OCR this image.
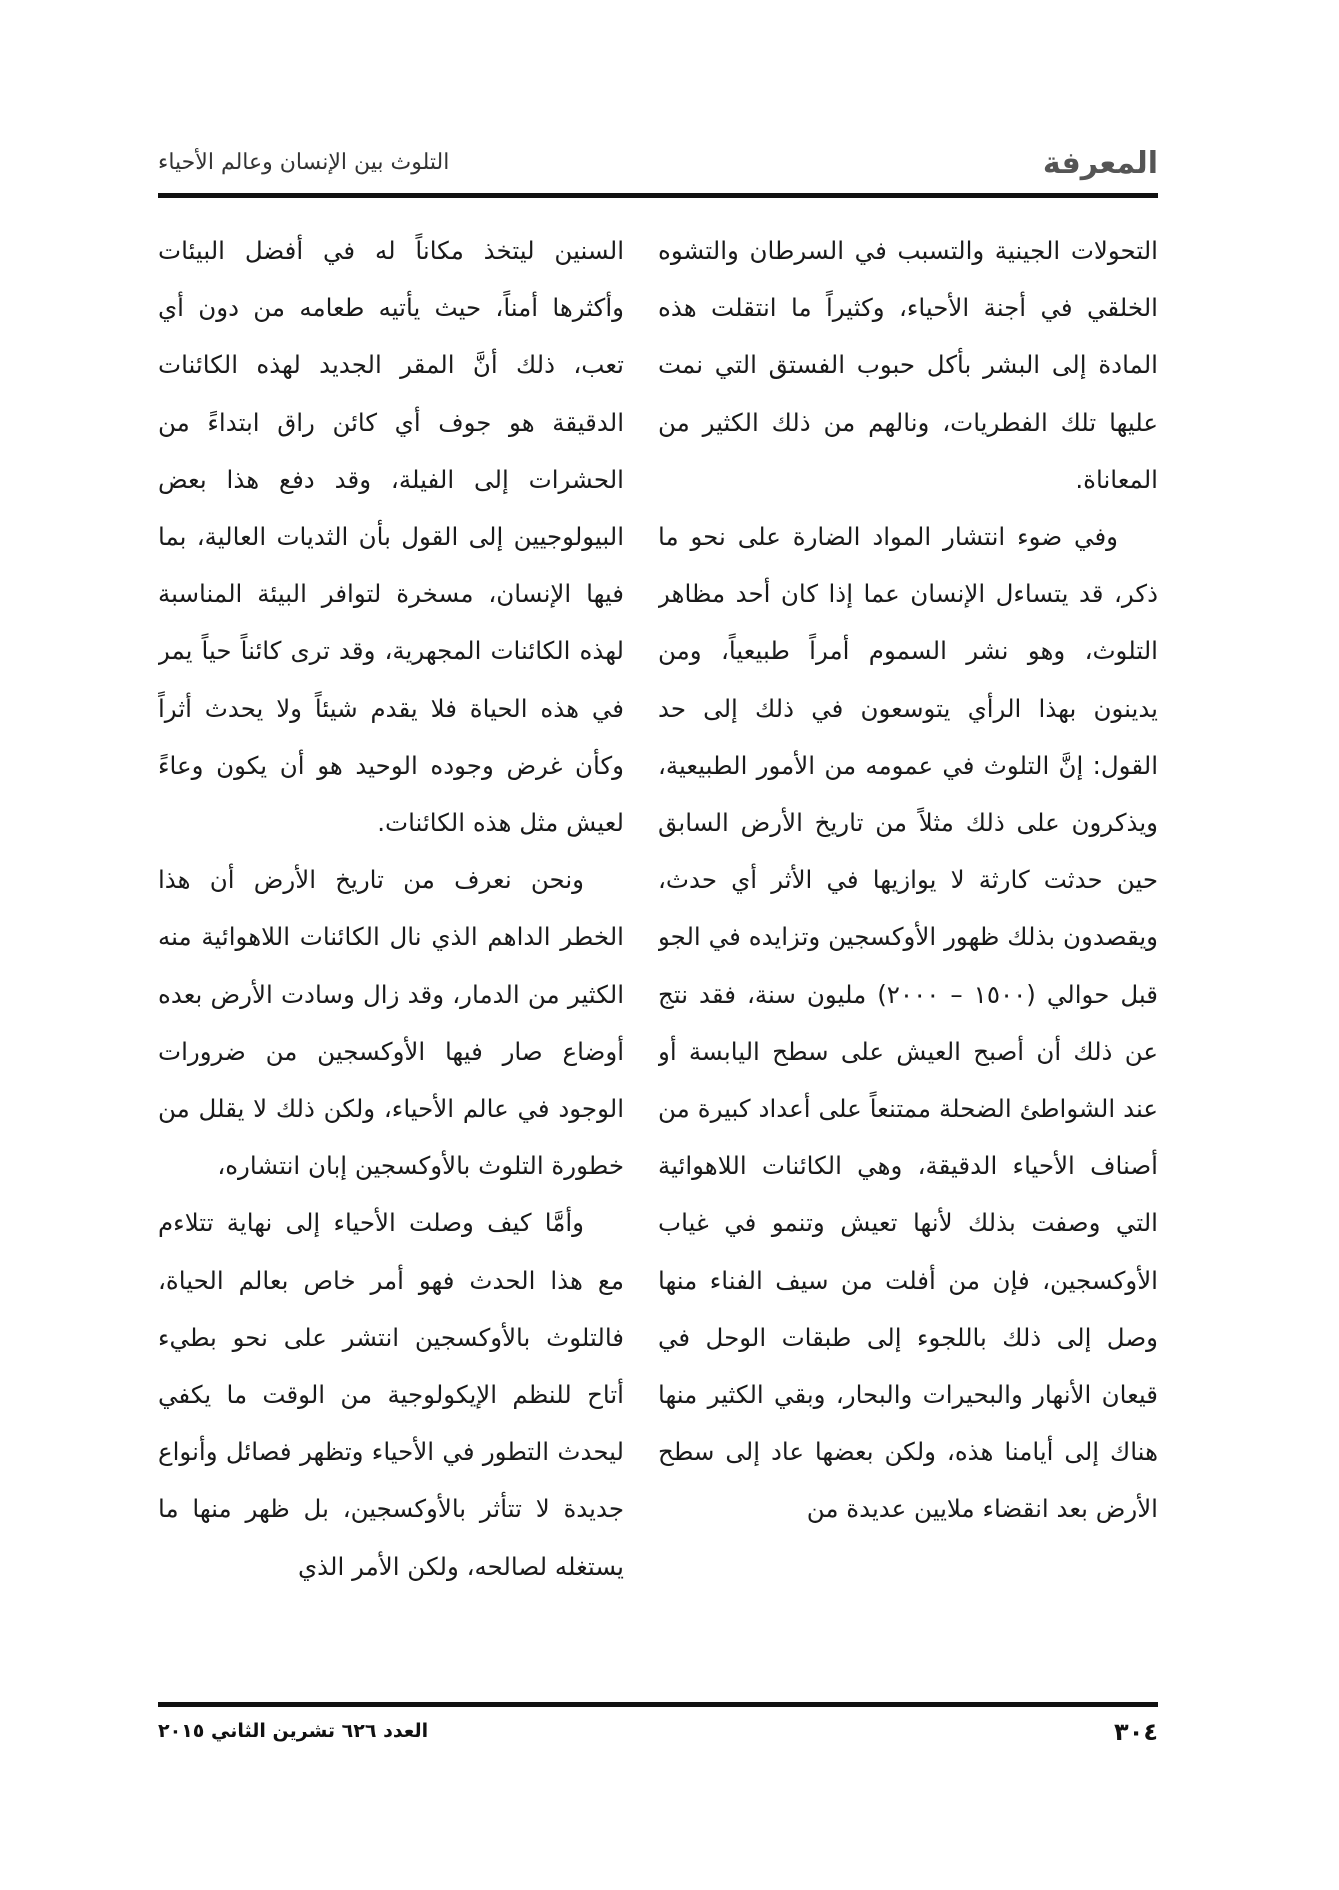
المعرفة
التلوث بين الإنسان وعالم الأحياء

التحولات الجينية والتسبب في السرطان والتشوه الخلقي في أجنة الأحياء، وكثيراً ما انتقلت هذه المادة إلى البشر بأكل حبوب الفستق التي نمت عليها تلك الفطريات، ونالهم من ذلك الكثير من المعاناة.

وفي ضوء انتشار المواد الضارة على نحو ما ذكر، قد يتساءل الإنسان عما إذا كان أحد مظاهر التلوث، وهو نشر السموم أمراً طبيعياً، ومن يدينون بهذا الرأي يتوسعون في ذلك إلى حد القول: إنَّ التلوث في عمومه من الأمور الطبيعية، ويذكرون على ذلك مثلاً من تاريخ الأرض السابق حين حدثت كارثة لا يوازيها في الأثر أي حدث، ويقصدون بذلك ظهور الأوكسجين وتزايده في الجو قبل حوالي (١٥٠٠ – ٢٠٠٠) مليون سنة، فقد نتج عن ذلك أن أصبح العيش على سطح اليابسة أو عند الشواطئ الضحلة ممتنعاً على أعداد كبيرة من أصناف الأحياء الدقيقة، وهي الكائنات اللاهوائية التي وصفت بذلك لأنها تعيش وتنمو في غياب الأوكسجين، فإن من أفلت من سيف الفناء منها وصل إلى ذلك باللجوء إلى طبقات الوحل في قيعان الأنهار والبحيرات والبحار، وبقي الكثير منها هناك إلى أيامنا هذه، ولكن بعضها عاد إلى سطح الأرض بعد انقضاء ملايين عديدة من

السنين ليتخذ مكاناً له في أفضل البيئات وأكثرها أمناً، حيث يأتيه طعامه من دون أي تعب، ذلك أنَّ المقر الجديد لهذه الكائنات الدقيقة هو جوف أي كائن راق ابتداءً من الحشرات إلى الفيلة، وقد دفع هذا بعض البيولوجيين إلى القول بأن الثديات العالية، بما فيها الإنسان، مسخرة لتوافر البيئة المناسبة لهذه الكائنات المجهرية، وقد ترى كائناً حياً يمر في هذه الحياة فلا يقدم شيئاً ولا يحدث أثراً وكأن غرض وجوده الوحيد هو أن يكون وعاءً لعيش مثل هذه الكائنات.

ونحن نعرف من تاريخ الأرض أن هذا الخطر الداهم الذي نال الكائنات اللاهوائية منه الكثير من الدمار، وقد زال وسادت الأرض بعده أوضاع صار فيها الأوكسجين من ضرورات الوجود في عالم الأحياء، ولكن ذلك لا يقلل من خطورة التلوث بالأوكسجين إبان انتشاره،

وأمَّا كيف وصلت الأحياء إلى نهاية تتلاءم مع هذا الحدث فهو أمر خاص بعالم الحياة، فالتلوث بالأوكسجين انتشر على نحو بطيء أتاح للنظم الإيكولوجية من الوقت ما يكفي ليحدث التطور في الأحياء وتظهر فصائل وأنواع جديدة لا تتأثر بالأوكسجين، بل ظهر منها ما يستغله لصالحه، ولكن الأمر الذي

٣٠٤
العدد ٦٢٦ تشرين الثاني ٢٠١٥
